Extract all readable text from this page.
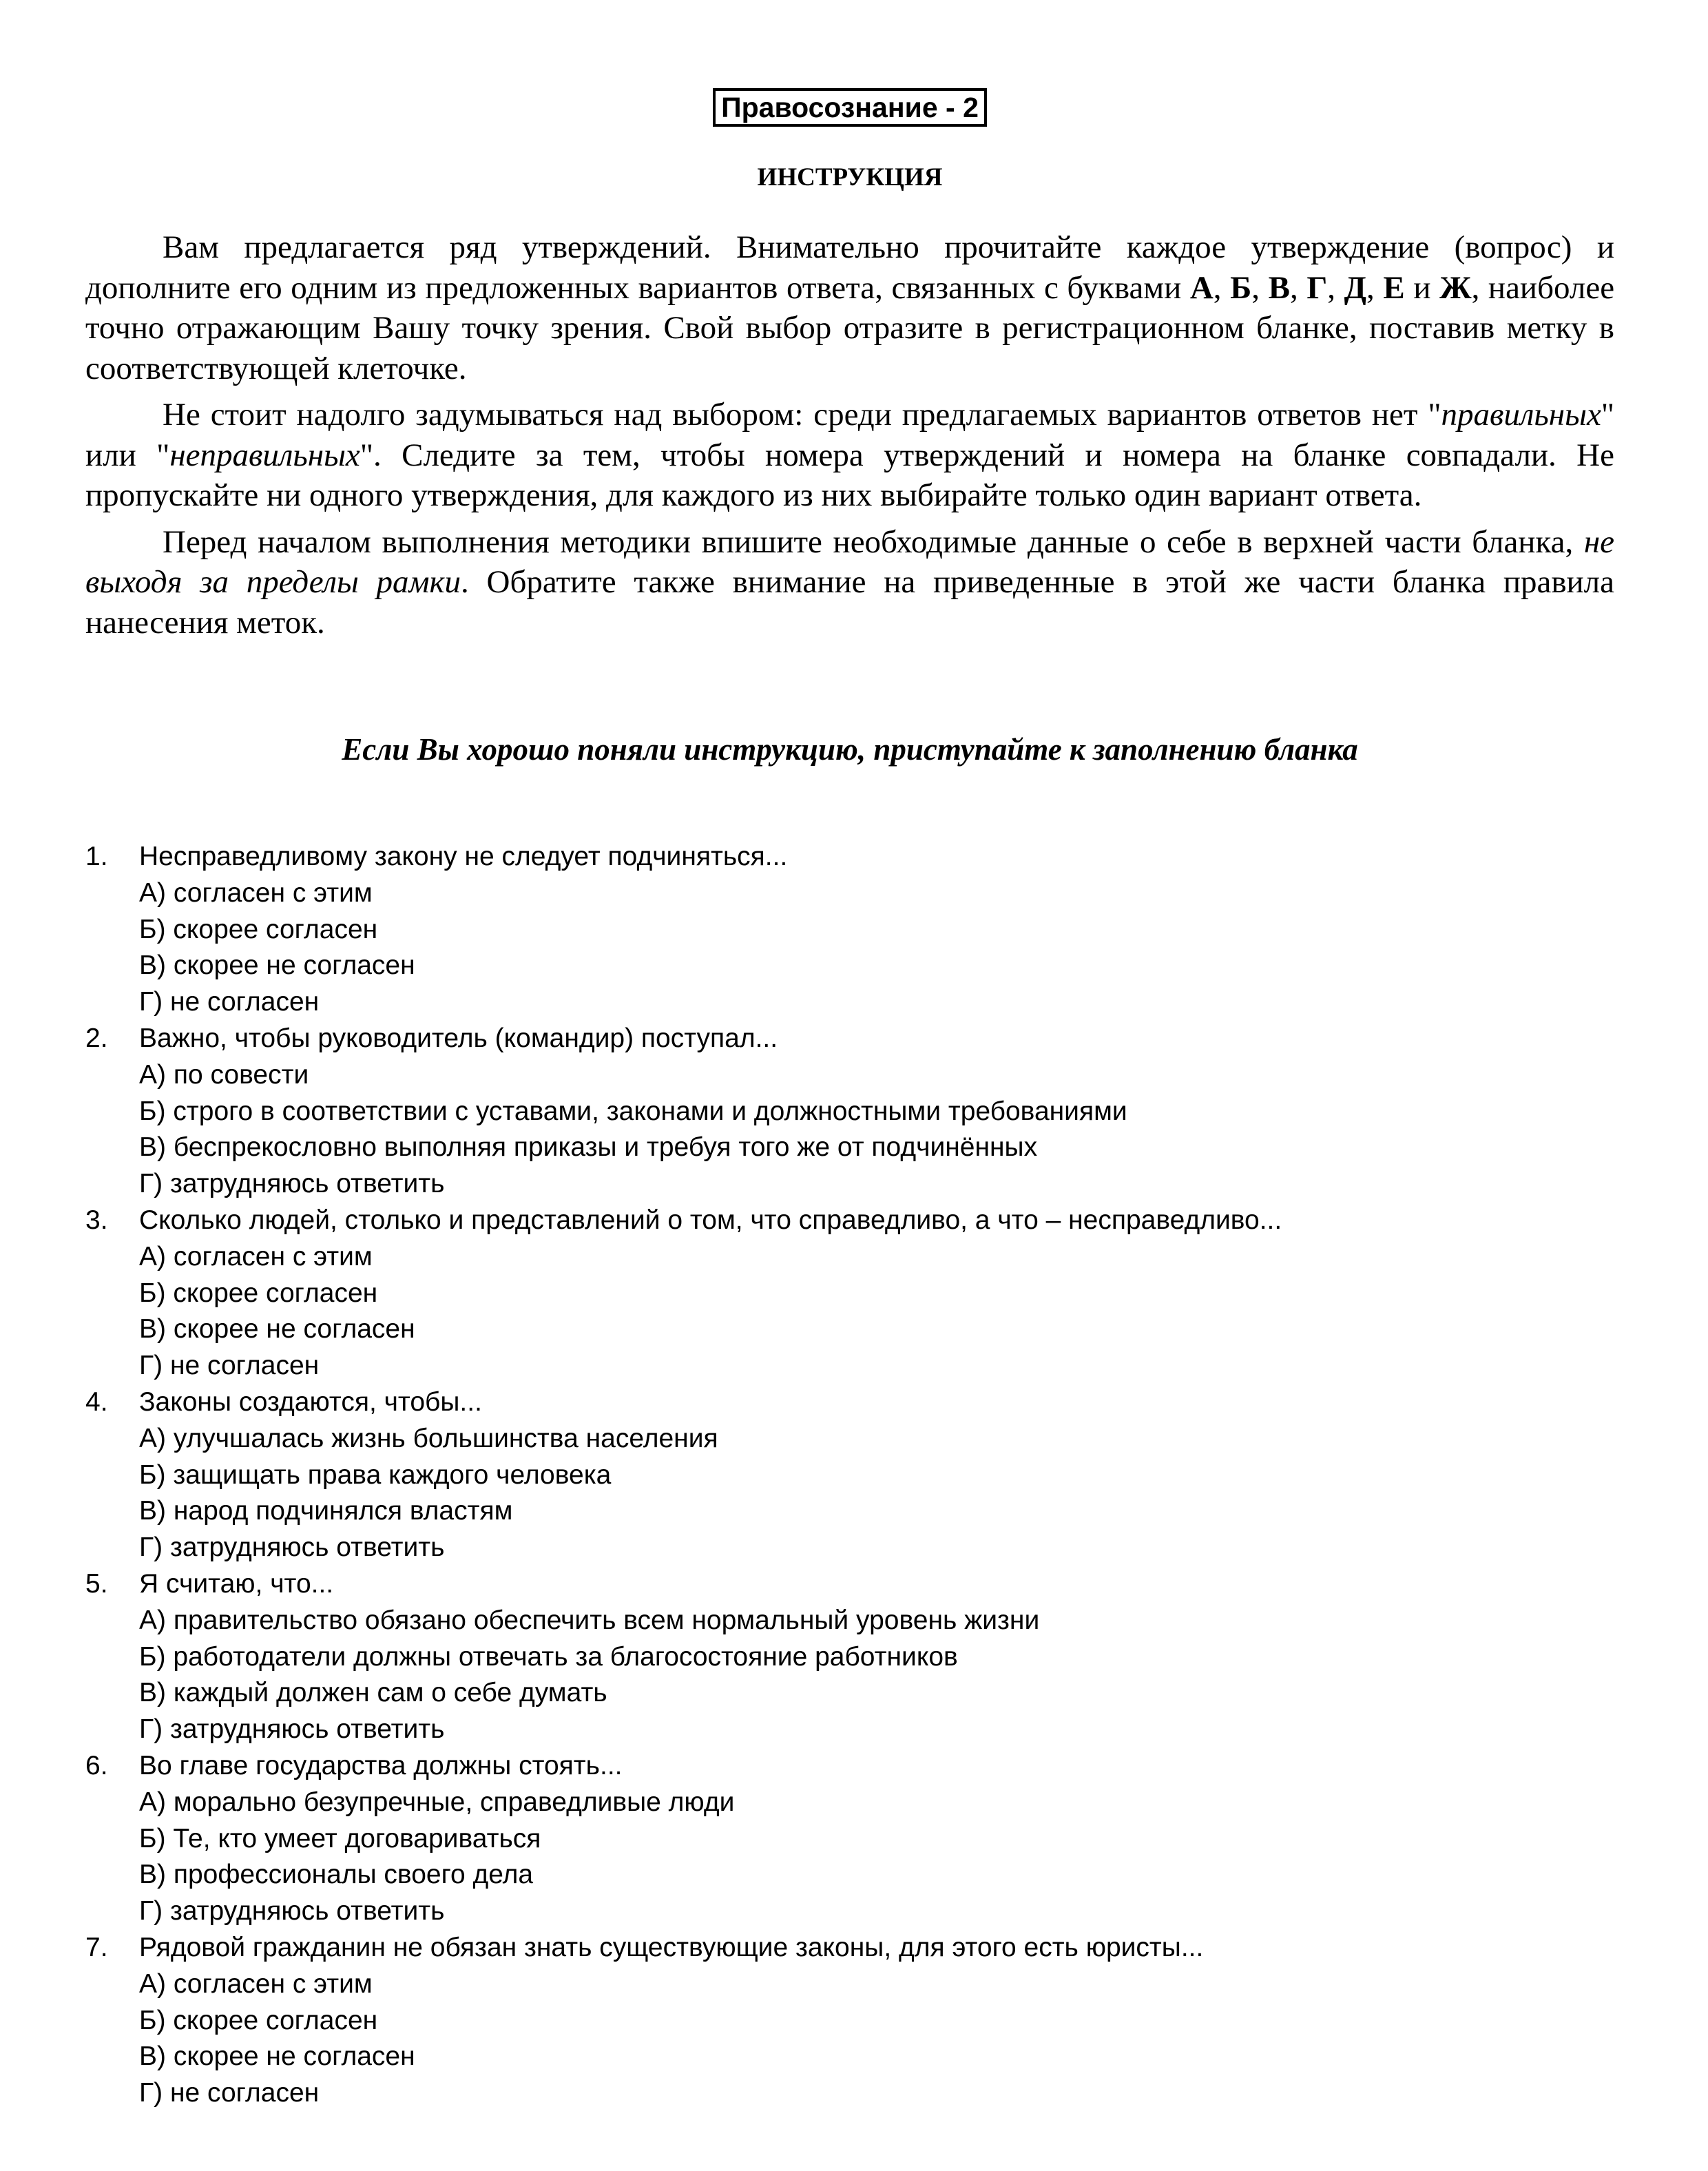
Правосознание - 2
ИНСТРУКЦИЯ

Вам предлагается ряд утверждений. Внимательно прочитайте каждое утверждение (вопрос) и дополните его одним из предложенных вариантов ответа, связанных с буквами А, Б, В, Г, Д, Е и Ж, наиболее точно отражающим Вашу точку зрения. Свой выбор отразите в регистрационном бланке, поставив метку в соответствующей клеточке.

Не стоит надолго задумываться над выбором: среди предлагаемых вариантов ответов нет "правильных" или "неправильных". Следите за тем, чтобы номера утверждений и номера на бланке совпадали. Не пропускайте ни одного утверждения, для каждого из них выбирайте только один вариант ответа.

Перед началом выполнения методики впишите необходимые данные о себе в верхней части бланка, не выходя за пределы рамки. Обратите также внимание на приведенные в этой же части бланка правила нанесения меток.

Если Вы хорошо поняли инструкцию, приступайте к заполнению бланка
1. Несправедливому закону не следует подчиняться...
А) согласен с этим
Б) скорее согласен
В) скорее не согласен
Г) не согласен
2. Важно, чтобы руководитель (командир) поступал...
А) по совести
Б) строго в соответствии с уставами, законами и должностными требованиями
В) беспрекословно выполняя приказы и требуя того же от подчинённых
Г) затрудняюсь ответить
3. Сколько людей, столько и представлений о том, что справедливо, а что – несправедливо...
А) согласен с этим
Б) скорее согласен
В) скорее не согласен
Г) не согласен
4. Законы создаются, чтобы...
А) улучшалась жизнь большинства населения
Б) защищать права каждого человека
В) народ подчинялся властям
Г) затрудняюсь ответить
5. Я считаю, что...
А) правительство обязано обеспечить всем нормальный уровень жизни
Б) работодатели должны отвечать за благосостояние работников
В) каждый должен сам о себе думать
Г) затрудняюсь ответить
6. Во главе государства должны стоять...
А) морально безупречные, справедливые люди
Б) Те, кто умеет договариваться
В) профессионалы своего дела
Г) затрудняюсь ответить
7. Рядовой гражданин не обязан знать существующие законы, для этого есть юристы...
А) согласен с этим
Б) скорее согласен
В) скорее не согласен
Г) не согласен
